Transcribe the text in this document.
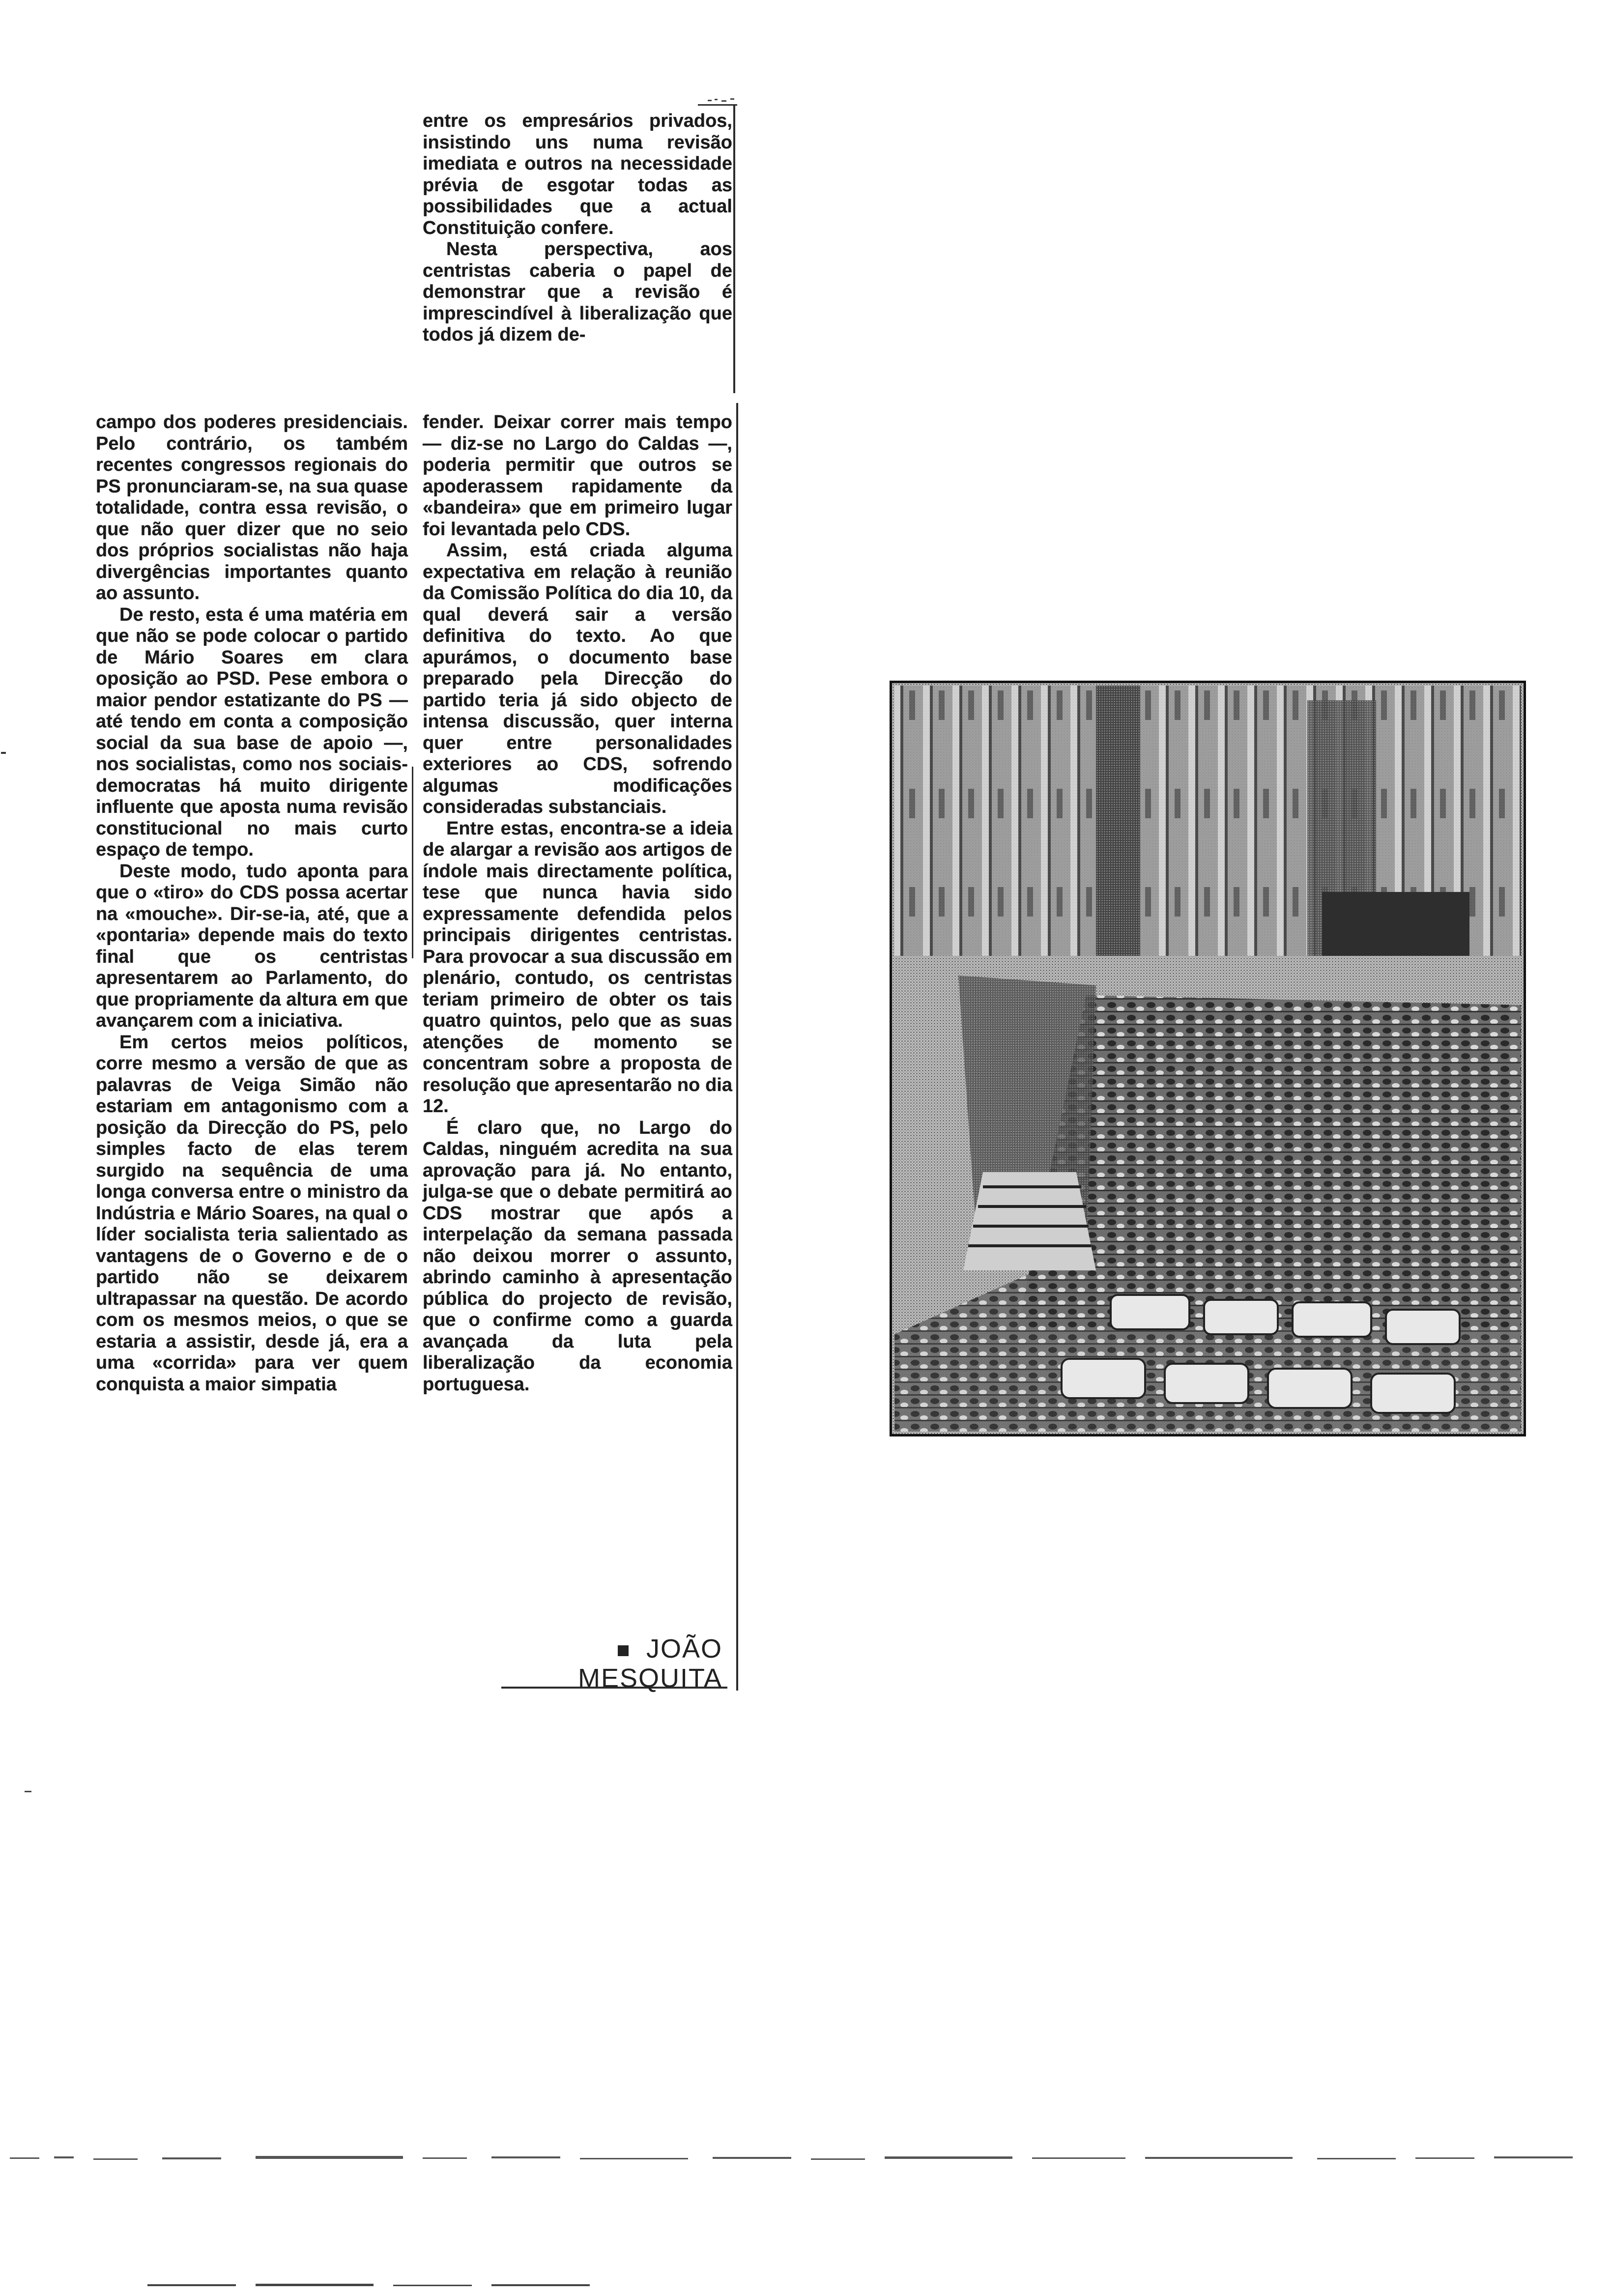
entre os empresários privados, insistindo uns numa revisão imediata e outros na necessidade prévia de esgotar todas as possibilidades que a actual Constituição confere.

Nesta perspectiva, aos centristas caberia o papel de demonstrar que a revisão é imprescindível à liberalização que todos já dizem de-

campo dos poderes presidenciais. Pelo contrário, os também recentes congressos regionais do PS pronunciaram-se, na sua quase totalidade, contra essa revisão, o que não quer dizer que no seio dos próprios socialistas não haja divergências importantes quanto ao assunto.

De resto, esta é uma matéria em que não se pode colocar o partido de Mário Soares em clara oposição ao PSD. Pese embora o maior pendor estatizante do PS — até tendo em conta a composição social da sua base de apoio —, nos socialistas, como nos sociais-democratas há muito dirigente influente que aposta numa revisão constitucional no mais curto espaço de tempo.

Deste modo, tudo aponta para que o «tiro» do CDS possa acertar na «mouche». Dir-se-ia, até, que a «pontaria» depende mais do texto final que os centristas apresentarem ao Parlamento, do que propriamente da altura em que avançarem com a iniciativa.

Em certos meios políticos, corre mesmo a versão de que as palavras de Veiga Simão não estariam em antagonismo com a posição da Direcção do PS, pelo simples facto de elas terem surgido na sequência de uma longa conversa entre o ministro da Indústria e Mário Soares, na qual o líder socialista teria salientado as vantagens de o Governo e de o partido não se deixarem ultrapassar na questão. De acordo com os mesmos meios, o que se estaria a assistir, desde já, era a uma «corrida» para ver quem conquista a maior simpatia

fender. Deixar correr mais tempo — diz-se no Largo do Caldas —, poderia permitir que outros se apoderassem rapidamente da «bandeira» que em primeiro lugar foi levantada pelo CDS.

Assim, está criada alguma expectativa em relação à reunião da Comissão Política do dia 10, da qual deverá sair a versão definitiva do texto. Ao que apurámos, o documento base preparado pela Direcção do partido teria já sido objecto de intensa discussão, quer interna quer entre personalidades exteriores ao CDS, sofrendo algumas modificações consideradas substanciais.

Entre estas, encontra-se a ideia de alargar a revisão aos artigos de índole mais directamente política, tese que nunca havia sido expressamente defendida pelos principais dirigentes centristas. Para provocar a sua discussão em plenário, contudo, os centristas teriam primeiro de obter os tais quatro quintos, pelo que as suas atenções de momento se concentram sobre a proposta de resolução que apresentarão no dia 12.

É claro que, no Largo do Caldas, ninguém acredita na sua aprovação para já. No entanto, julga-se que o debate permitirá ao CDS mostrar que após a interpelação da semana passada não deixou morrer o assunto, abrindo caminho à apresentação pública do projecto de revisão, que o confirme como a guarda avançada da luta pela liberalização da economia portuguesa.

JOÃO MESQUITA
